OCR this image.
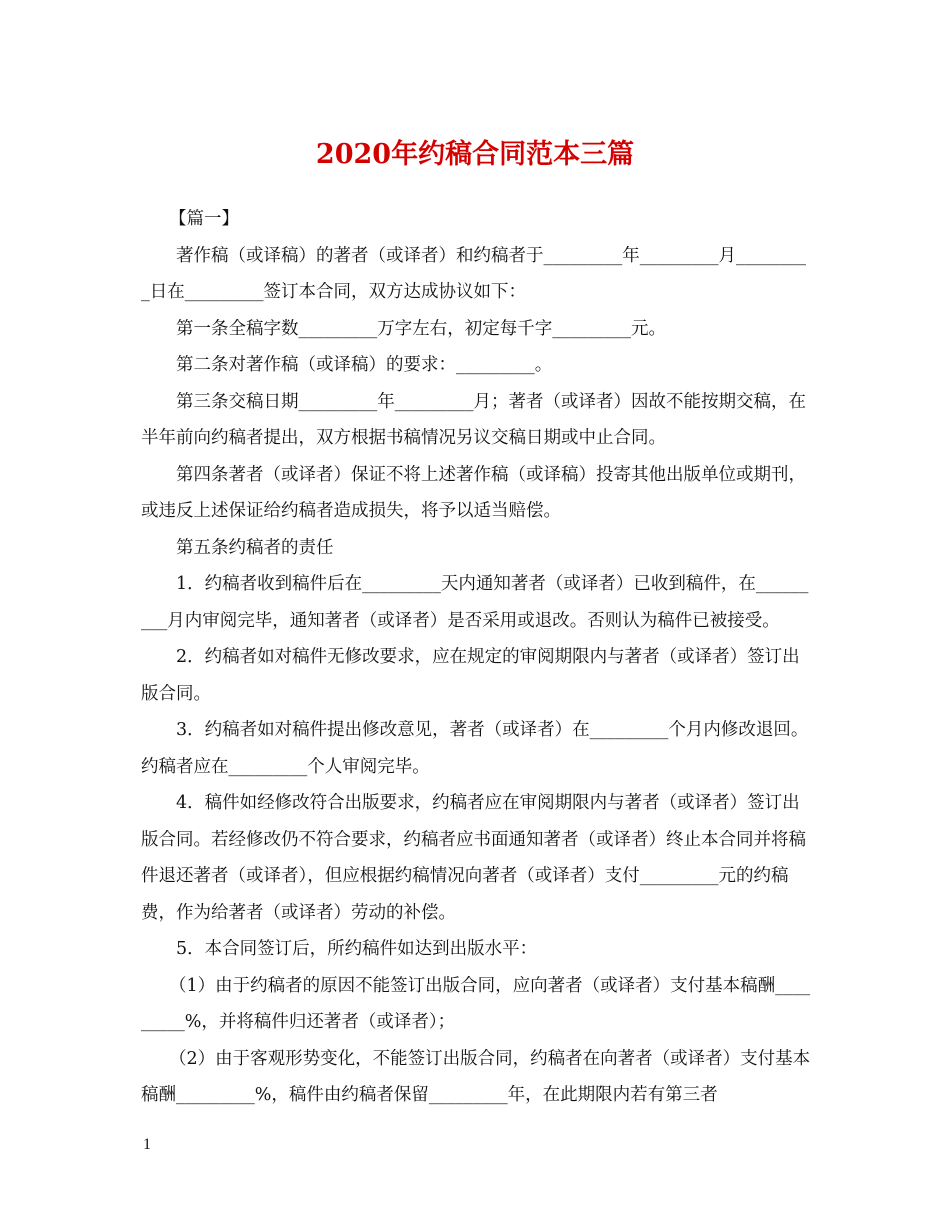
2020年约稿合同范本三篇

【篇一】

著作稿（或译稿）的著者（或译者）和约稿者于_________年_________月_________日在_________签订本合同，双方达成协议如下：

第一条全稿字数_________万字左右，初定每千字_________元。

第二条对著作稿（或译稿）的要求：_________。

第三条交稿日期_________年_________月；著者（或译者）因故不能按期交稿，在半年前向约稿者提出，双方根据书稿情况另议交稿日期或中止合同。

第四条著者（或译者）保证不将上述著作稿（或译稿）投寄其他出版单位或期刊，或违反上述保证给约稿者造成损失，将予以适当赔偿。

第五条约稿者的责任

1．约稿者收到稿件后在_________天内通知著者（或译者）已收到稿件，在_________月内审阅完毕，通知著者（或译者）是否采用或退改。否则认为稿件已被接受。

2．约稿者如对稿件无修改要求，应在规定的审阅期限内与著者（或译者）签订出版合同。

3．约稿者如对稿件提出修改意见，著者（或译者）在_________个月内修改退回。约稿者应在_________个人审阅完毕。

4．稿件如经修改符合出版要求，约稿者应在审阅期限内与著者（或译者）签订出版合同。若经修改仍不符合要求，约稿者应书面通知著者（或译者）终止本合同并将稿件退还著者（或译者），但应根据约稿情况向著者（或译者）支付_________元的约稿费，作为给著者（或译者）劳动的补偿。

5．本合同签订后，所约稿件如达到出版水平：

（1）由于约稿者的原因不能签订出版合同，应向著者（或译者）支付基本稿酬_________%，并将稿件归还著者（或译者）；

（2）由于客观形势变化，不能签订出版合同，约稿者在向著者（或译者）支付基本稿酬_________%，稿件由约稿者保留_________年，在此期限内若有第三者

1
